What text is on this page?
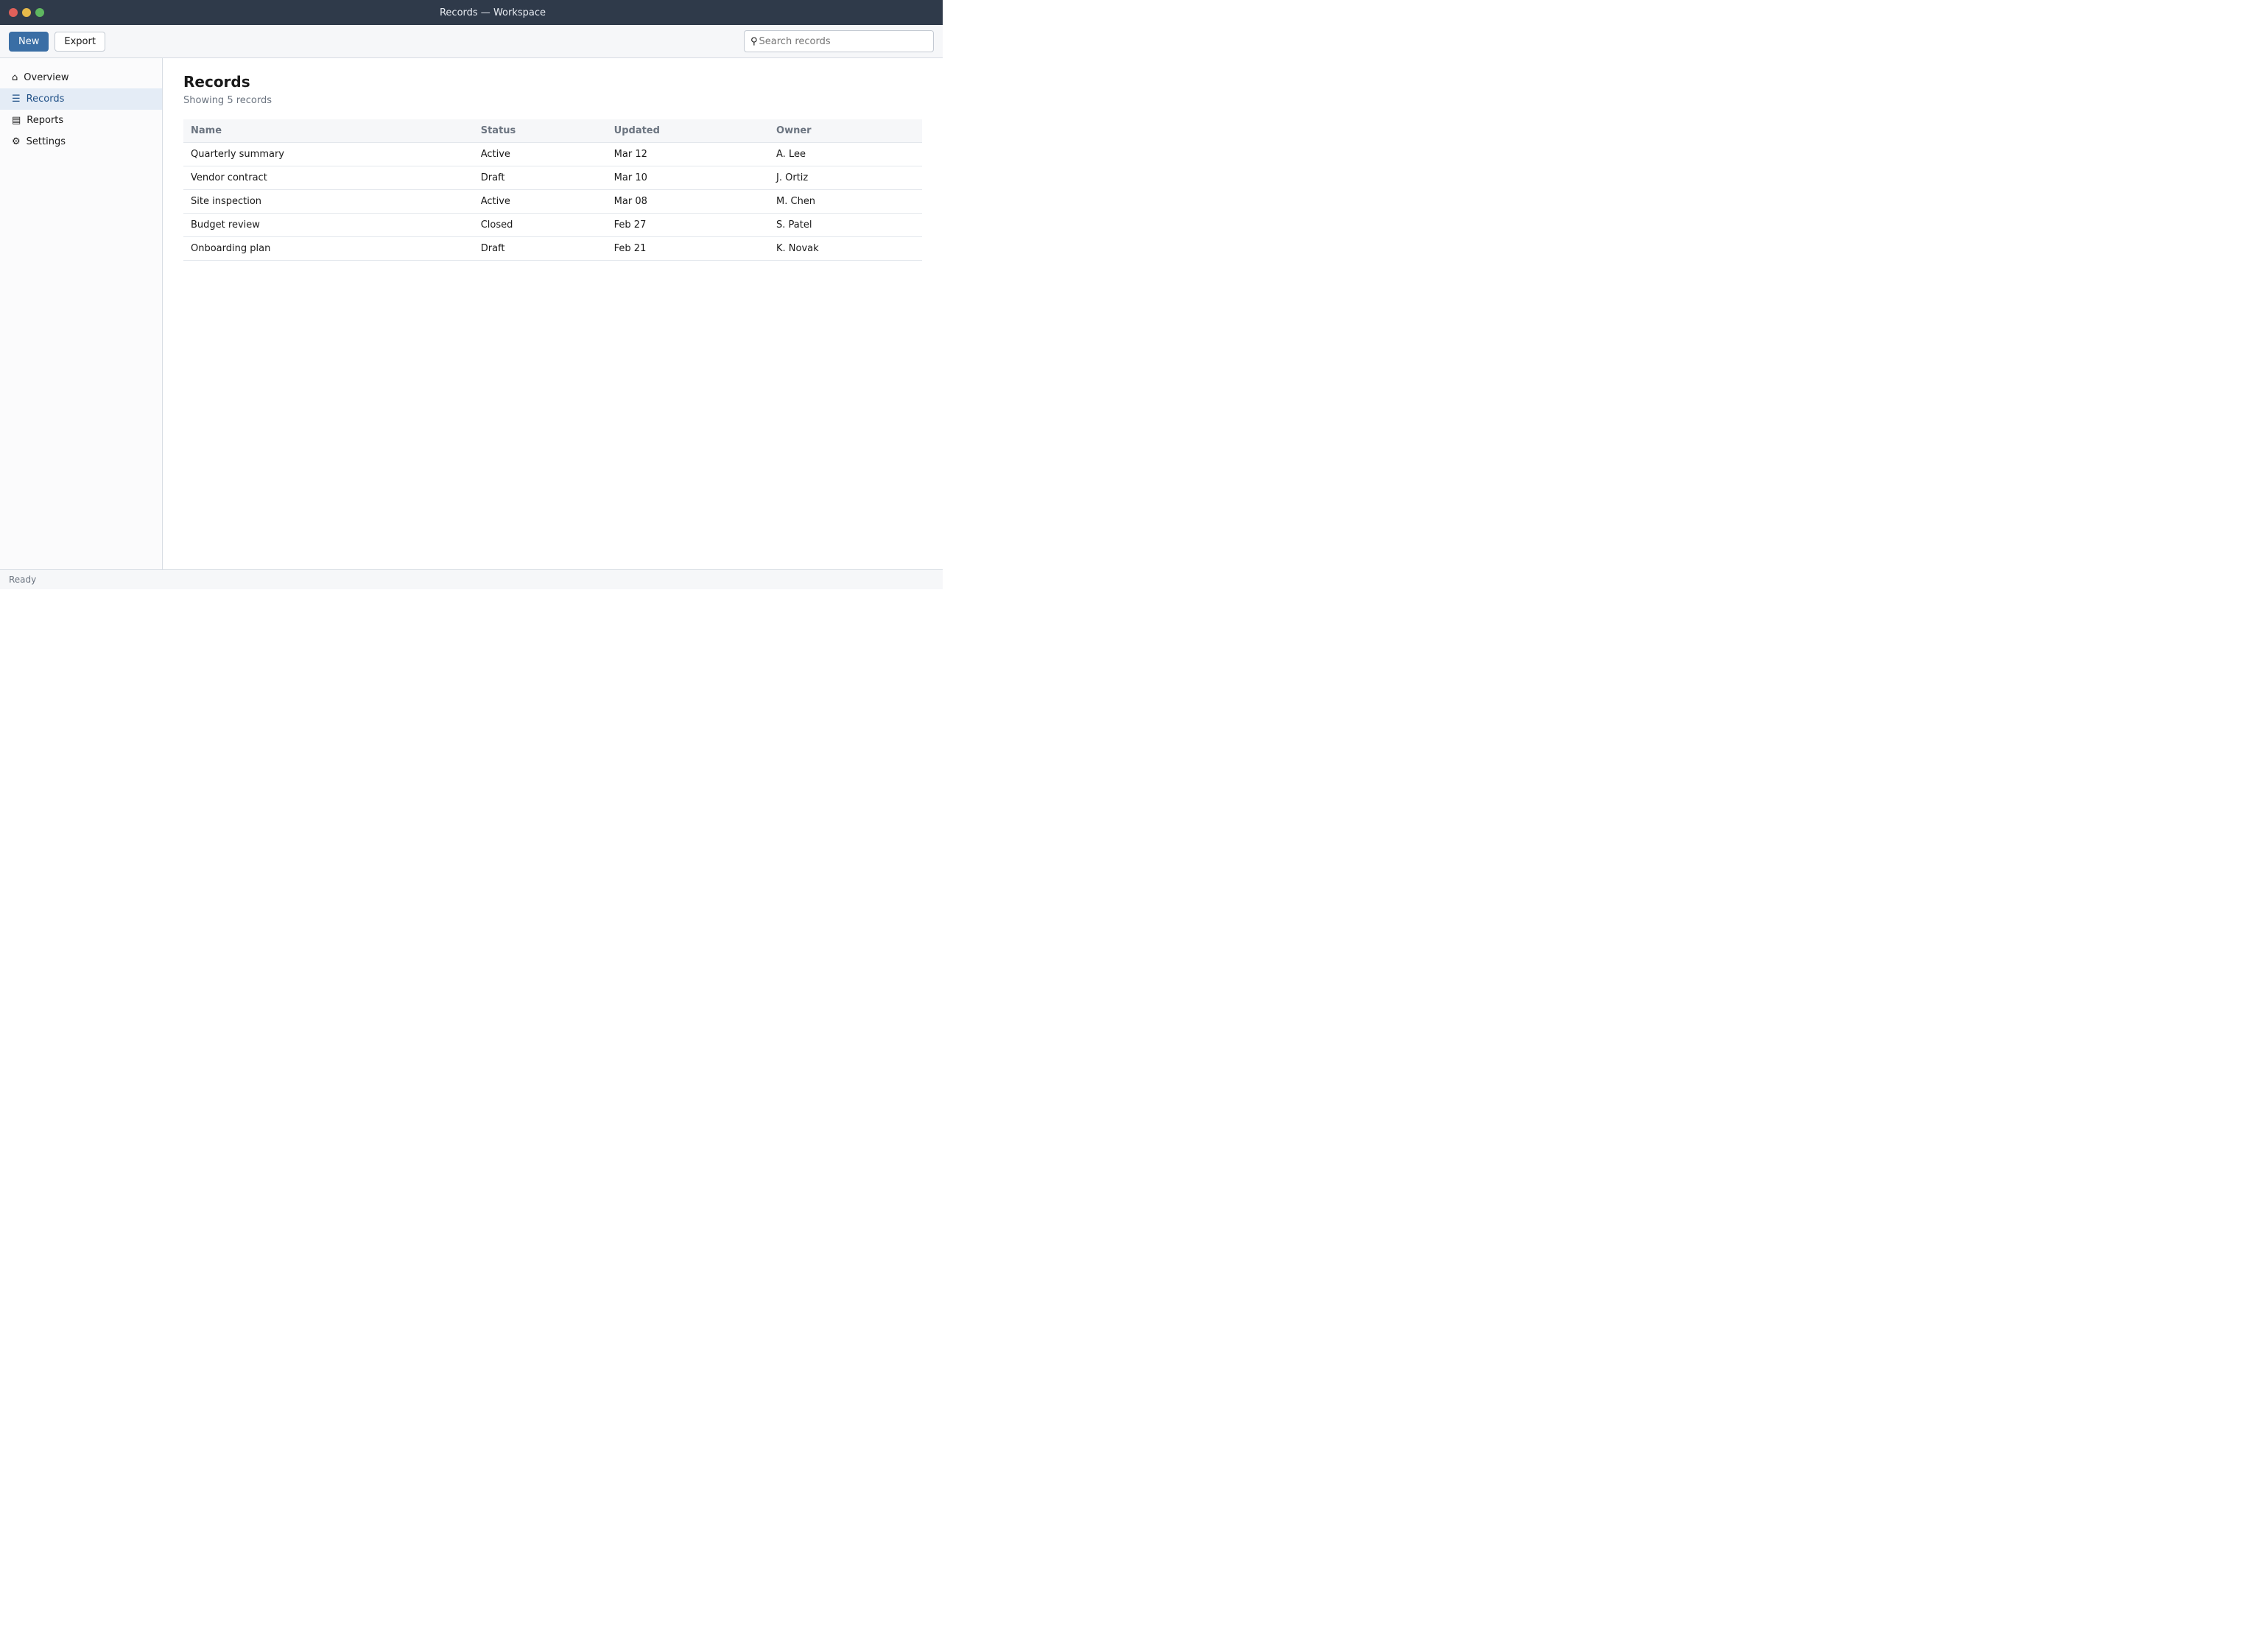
Records — Workspace
New	Export	⚲
Search records
⌂ Overview
☰ Records
▤ Reports
⚙ Settings
Records
Showing 5 records
Name	Status	Updated	Owner
Quarterly summary	Active	Mar 12	A. Lee
Vendor contract	Draft	Mar 10	J. Ortiz
Site inspection	Active	Mar 08	M. Chen
Budget review	Closed	Feb 27	S. Patel
Onboarding plan	Draft	Feb 21	K. Novak
Ready
